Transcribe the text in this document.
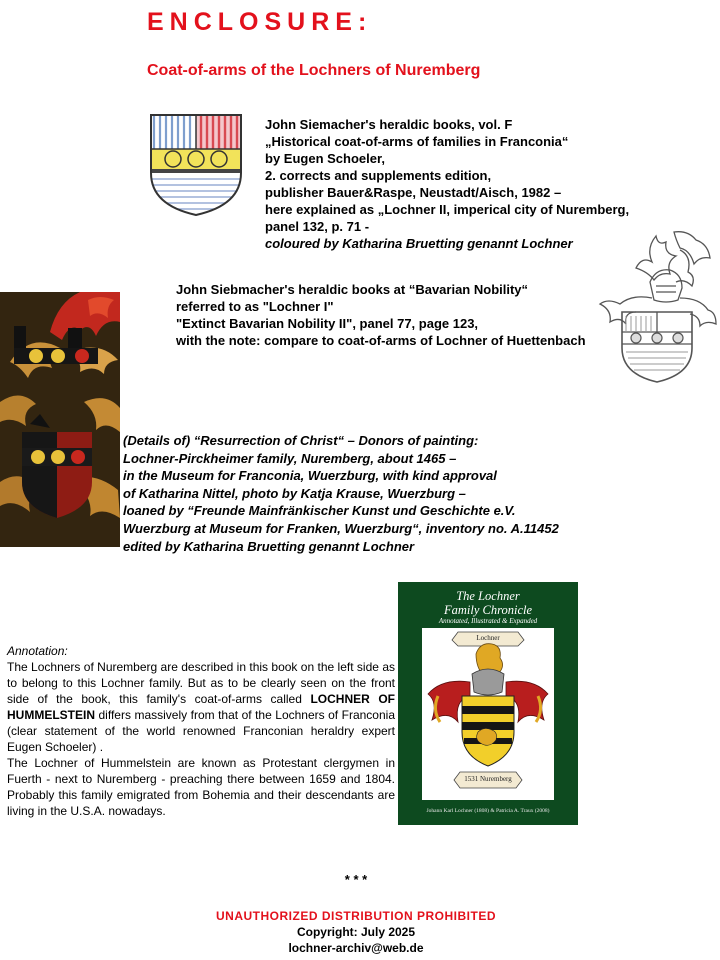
ENCLOSURE:
Coat-of-arms of the Lochners of Nuremberg
John Siemacher's heraldic books, vol. F
„Historical coat-of-arms of families in Franconia“
by Eugen Schoeler,
2. corrects and supplements edition,
publisher Bauer&Raspe, Neustadt/Aisch, 1982 –
here explained as „Lochner II, imperical city of Nuremberg,
panel 132, p. 71 -
coloured by Katharina Bruetting genannt Lochner
John Siebmacher's heraldic books at “Bavarian Nobility“
referred to as "Lochner I"
"Extinct Bavarian Nobility II", panel 77, page 123,
with the note: compare to coat-of-arms of Lochner of Huettenbach
(Details of) “Resurrection of Christ“ – Donors of painting:
Lochner-Pirckheimer family, Nuremberg, about 1465 –
in the Museum for Franconia, Wuerzburg, with kind approval
of Katharina Nittel, photo by Katja Krause, Wuerzburg –
loaned by “Freunde Mainfränkischer Kunst und Geschichte e.V.
Wuerzburg at Museum for Franken, Wuerzburg“, inventory no. A.11452
edited by Katharina Bruetting genannt Lochner
Annotation:

The Lochners of Nuremberg are described in this book on the left side as to belong to this Lochner family. But as to be clearly seen on the front side of the book, this family's coat-of-arms called LOCHNER OF HUMMELSTEIN differs massively from that of the Lochners of Franconia (clear statement of the world renowned Franconian heraldry expert Eugen Schoeler) .

The Lochner of Hummelstein are known as Protestant clergymen in Fuerth - next to Nuremberg - preaching there between 1659 and 1804. Probably this family emigrated from Bohemia and their descendants are living in the U.S.A. nowadays.

The Lochner
Family Chronicle
Annotated, Illustrated & Expanded
Lochner
1531 Nuremberg
Johann Karl Lochner (1808) & Patricia A. Traux (2008)
* * *
UNAUTHORIZED DISTRIBUTION PROHIBITED
Copyright: July 2025
lochner-archiv@web.de
